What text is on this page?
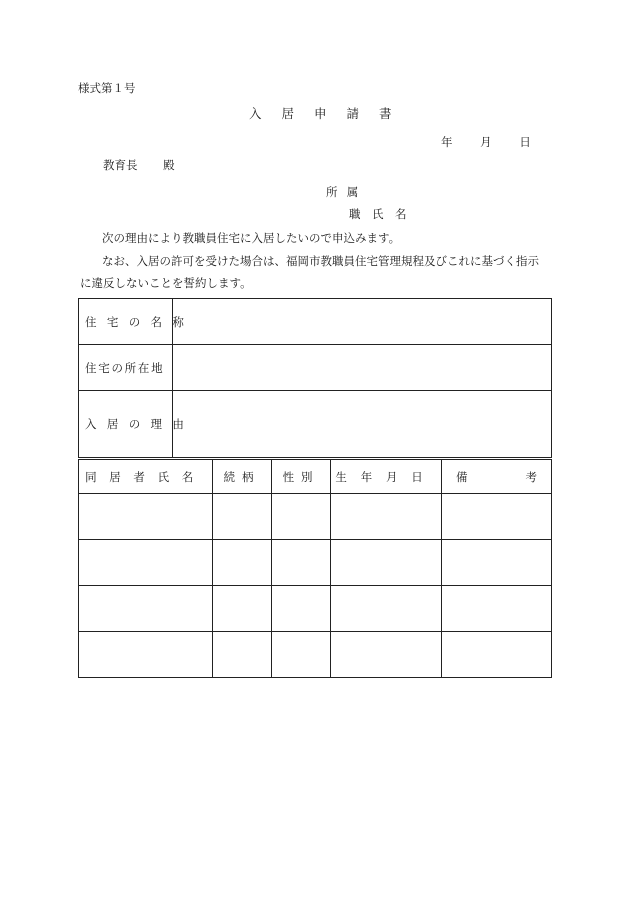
様式第１号
入居申請書
年 月 日
教育長 殿
所属
職氏名
次の理由により教職員住宅に入居したいので申込みます。
なお、入居の許可を受けた場合は、福岡市教職員住宅管理規程及びこれに基づく指示
に違反しないことを誓約します。
住宅の名称	
住宅の所在地	
入居の理由	
同居者氏名	続柄	性別	生年月日	備 考
